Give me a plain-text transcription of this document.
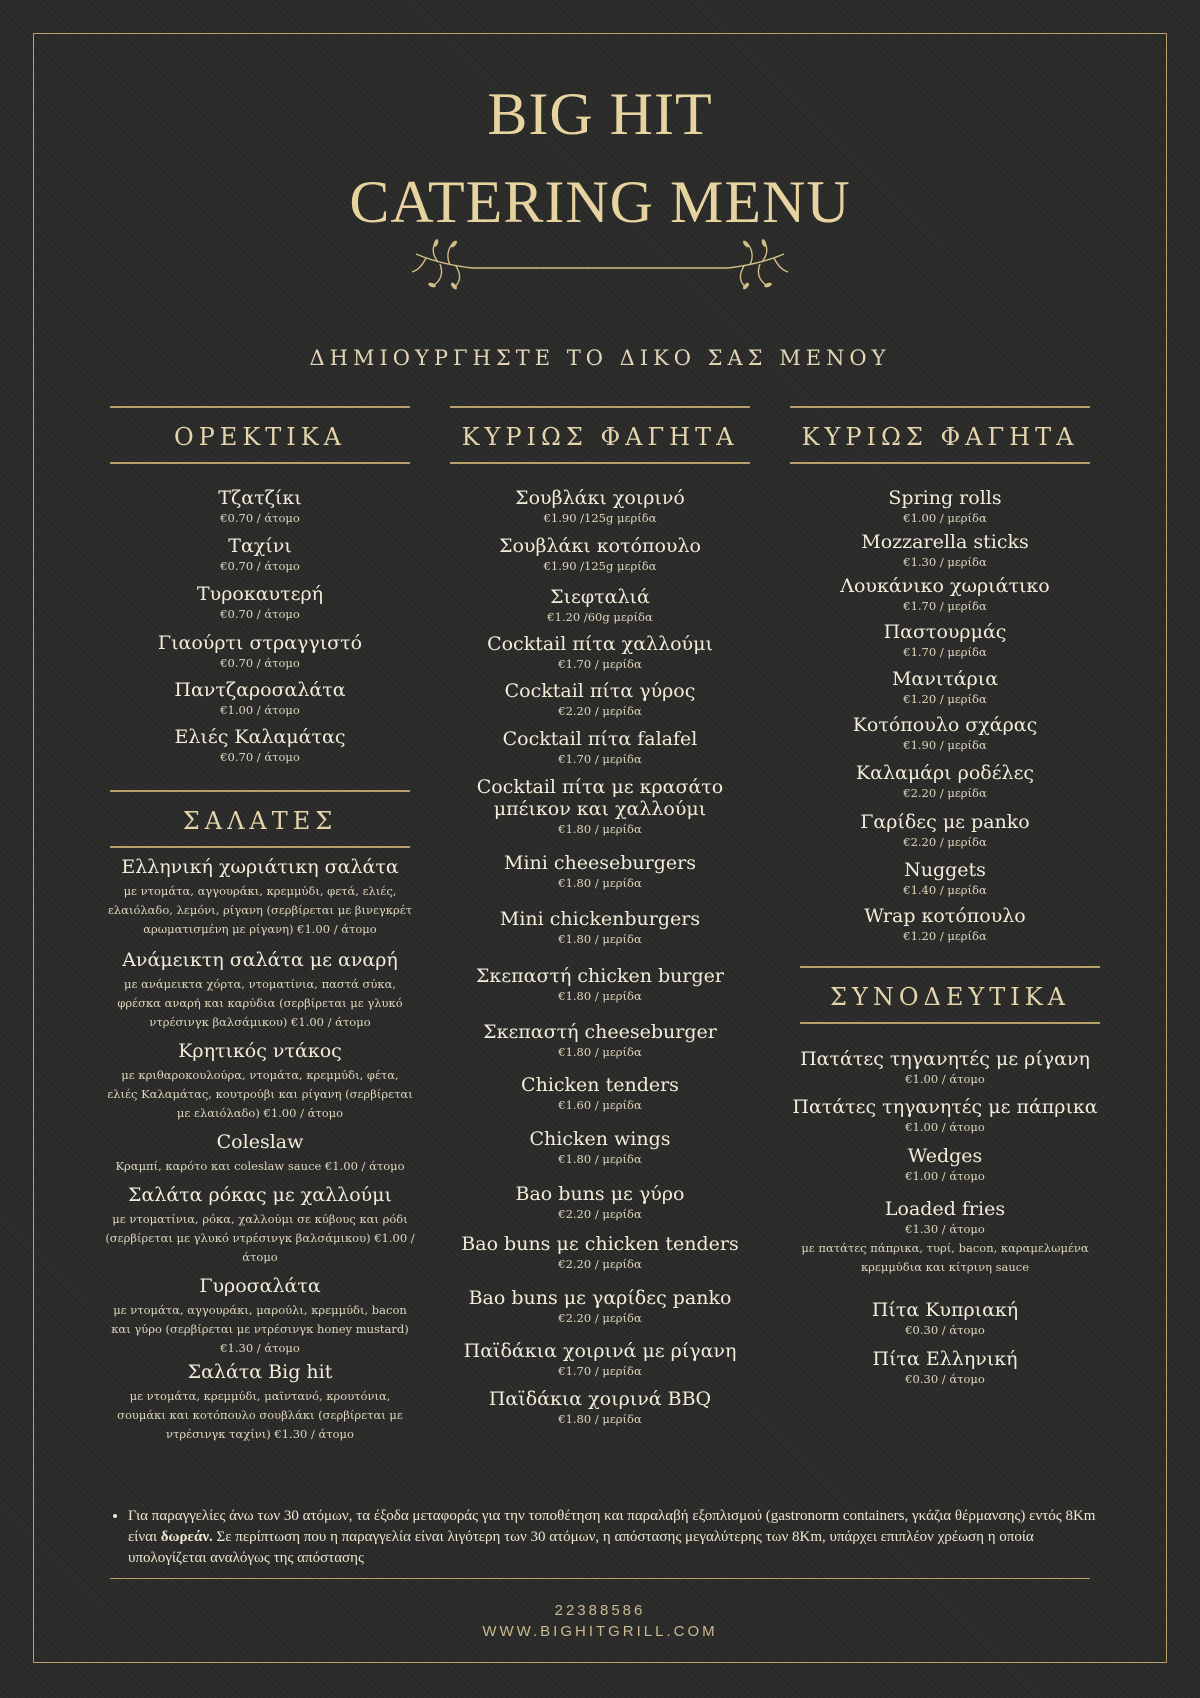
BIG HIT
CATERING MENU
ΔΗΜΙΟΥΡΓΗΣΤΕ ΤΟ ΔΙΚΟ ΣΑΣ ΜΕΝΟΥ
ΟΡΕΚΤΙΚΑ	ΚΥΡΙΩΣ ΦΑΓΗΤΑ	ΚΥΡΙΩΣ ΦΑΓΗΤΑ
ΣΑΛΑΤΕΣ
ΣΥΝΟΔΕΥΤΙΚΑ
Τζατζίκι
€0.70 / άτομο
Ταχίνι
€0.70 / άτομο
Τυροκαυτερή
€0.70 / άτομο
Γιαούρτι στραγγιστό
€0.70 / άτομο
Παντζαροσαλάτα
€1.00 / άτομο
Ελιές Καλαμάτας
€0.70 / άτομο
Ελληνική χωριάτικη σαλάτα
με ντομάτα, αγγουράκι, κρεμμύδι, φετά, ελιές, ελαιόλαδο, λεμόνι, ρίγανη (σερβίρεται με βινεγκρέτ αρωματισμένη με ρίγανη) €1.00 / άτομο
Ανάμεικτη σαλάτα με αναρή
με ανάμεικτα χόρτα, ντοματίνια, παστά σύκα, φρέσκα αναρή και καρύδια (σερβίρεται με γλυκό ντρέσινγκ βαλσάμικου) €1.00 / άτομο
Κρητικός ντάκος
με κριθαροκουλούρα, ντομάτα, κρεμμύδι, φέτα, ελιές Καλαμάτας, κουτρούβι και ρίγανη (σερβίρεται με ελαιόλαδο) €1.00 / άτομο
Coleslaw
Κραμπί, καρότο και coleslaw sauce €1.00 / άτομο
Σαλάτα ρόκας με χαλλούμι
με ντοματίνια, ρόκα, χαλλούμι σε κύβους και ρόδι (σερβίρεται με γλυκό ντρέσινγκ βαλσάμικου) €1.00 / άτομο
Γυροσαλάτα
με ντομάτα, αγγουράκι, μαρούλι, κρεμμύδι, bacon και γύρο (σερβίρεται με ντρέσινγκ honey mustard) €1.30 / άτομο
Σαλάτα Big hit
με ντομάτα, κρεμμύδι, μαϊντανό, κρουτόνια, σουμάκι και κοτόπουλο σουβλάκι (σερβίρεται με ντρέσινγκ ταχίνι) €1.30 / άτομο
Σουβλάκι χοιρινό
€1.90 /125g μερίδα
Σουβλάκι κοτόπουλο
€1.90 /125g μερίδα
Σιεφταλιά
€1.20 /60g μερίδα
Cocktail πίτα χαλλούμι
€1.70 / μερίδα
Cocktail πίτα γύρος
€2.20 / μερίδα
Cocktail πίτα falafel
€1.70 / μερίδα
Cocktail πίτα με κρασάτο μπέικον και χαλλούμι
€1.80 / μερίδα
Mini cheeseburgers
€1.80 / μερίδα
Mini chickenburgers
€1.80 / μερίδα
Σκεπαστή chicken burger
€1.80 / μερίδα
Σκεπαστή cheeseburger
€1.80 / μερίδα
Chicken tenders
€1.60 / μερίδα
Chicken wings
€1.80 / μερίδα
Bao buns με γύρο
€2.20 / μερίδα
Bao buns με chicken tenders
€2.20 / μερίδα
Bao buns με γαρίδες panko
€2.20 / μερίδα
Παϊδάκια χοιρινά με ρίγανη
€1.70 / μερίδα
Παϊδάκια χοιρινά BBQ
€1.80 / μερίδα
Spring rolls
€1.00 / μερίδα
Mozzarella sticks
€1.30 / μερίδα
Λουκάνικο χωριάτικο
€1.70 / μερίδα
Παστουρμάς
€1.70 / μερίδα
Μανιτάρια
€1.20 / μερίδα
Κοτόπουλο σχάρας
€1.90 / μερίδα
Καλαμάρι ροδέλες
€2.20 / μερίδα
Γαρίδες με panko
€2.20 / μερίδα
Nuggets
€1.40 / μερίδα
Wrap κοτόπουλο
€1.20 / μερίδα
Πατάτες τηγανητές με ρίγανη
€1.00 / άτομο
Πατάτες τηγανητές με πάπρικα
€1.00 / άτομο
Wedges
€1.00 / άτομο
Loaded fries
€1.30 / άτομο
με πατάτες πάπρικα, τυρί, bacon, καραμελωμένα κρεμμύδια και κίτρινη sauce
Πίτα Κυπριακή
€0.30 / άτομο
Πίτα Ελληνική
€0.30 / άτομο
• Για παραγγελίες άνω των 30 ατόμων, τα έξοδα μεταφοράς για την τοποθέτηση και παραλαβή εξοπλισμού (gastronorm containers, γκάζια θέρμανσης) εντός 8Km είναι δωρεάν. Σε περίπτωση που η παραγγελία είναι λιγότερη των 30 ατόμων, η απόστασης μεγαλύτερης των 8Km, υπάρχει επιπλέον χρέωση η οποία υπολογίζεται αναλόγως της απόστασης
22388586
WWW.BIGHITGRILL.COM
